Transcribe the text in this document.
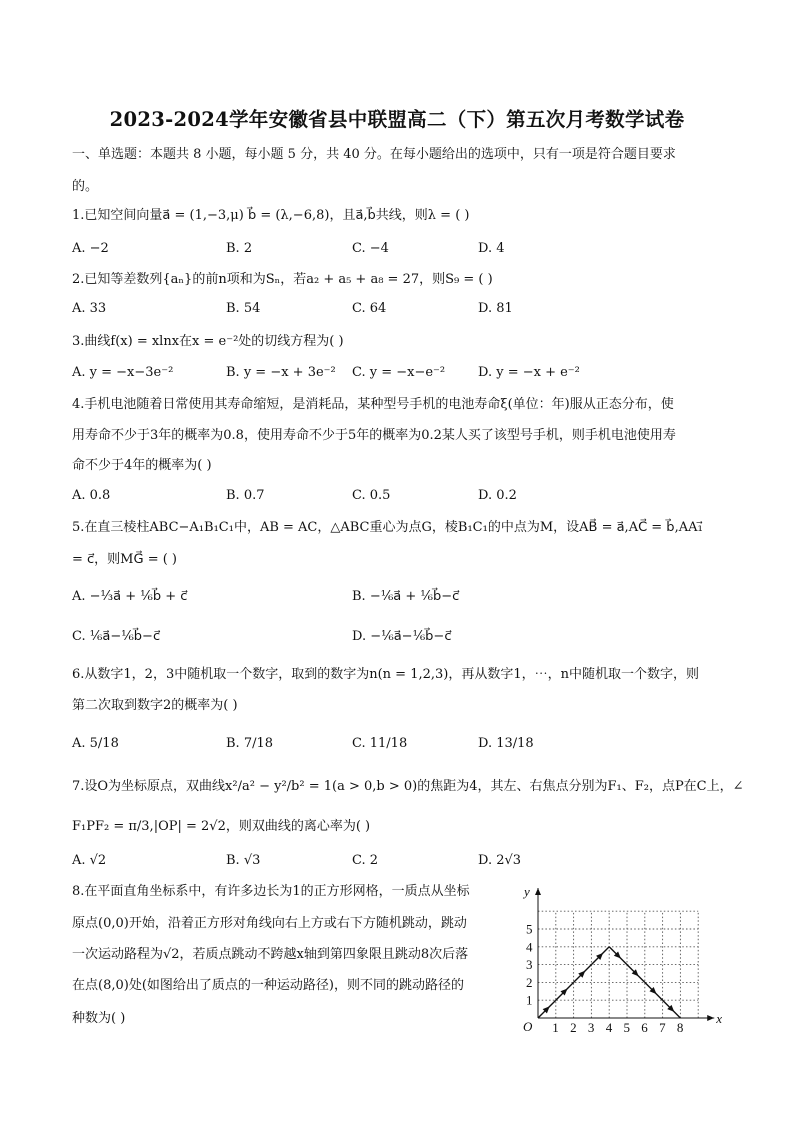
2023-2024学年安徽省县中联盟高二（下）第五次月考数学试卷
一、单选题：本题共 8 小题，每小题 5 分，共 40 分。在每小题给出的选项中，只有一项是符合题目要求
的。
1.已知空间向量a⃗ = (1,−3,μ) b⃗ = (λ,−6,8)，且a⃗,b⃗共线，则λ = ( )
A. −2	B. 2	C. −4	D. 4
2.已知等差数列{aₙ}的前n项和为Sₙ，若a₂ + a₅ + a₈ = 27，则S₉ = ( )
A. 33	B. 54	C. 64	D. 81
3.曲线f(x) = xlnx在x = e⁻²处的切线方程为( )
A. y = −x−3e⁻²	B. y = −x + 3e⁻² C. y = −x−e⁻²	D. y = −x + e⁻²
4.手机电池随着日常使用其寿命缩短，是消耗品，某种型号手机的电池寿命ξ(单位：年)服从正态分布，使
用寿命不少于3年的概率为0.8，使用寿命不少于5年的概率为0.2某人买了该型号手机，则手机电池使用寿
命不少于4年的概率为( )
A. 0.8	B. 0.7	C. 0.5	D. 0.2
5.在直三棱柱ABC−A₁B₁C₁中，AB = AC，△ABC重心为点G，棱B₁C₁的中点为M，设AB⃗ = a⃗,AC⃗ = b⃗,AA₁⃗
= c⃗，则MG⃗ = ( )
A. −⅓a⃗ + ⅙b⃗ + c⃗	B. −⅙a⃗ + ⅙b⃗−c⃗
C. ⅙a⃗−⅙b⃗−c⃗	D. −⅙a⃗−⅙b⃗−c⃗
6.从数字1，2，3中随机取一个数字，取到的数字为n(n = 1,2,3)，再从数字1，⋯，n中随机取一个数字，则
第二次取到数字2的概率为( )
A. 5/18	B. 7/18	C. 11/18	D. 13/18
7.设O为坐标原点，双曲线x²/a² − y²/b² = 1(a > 0,b > 0)的焦距为4，其左、右焦点分别为F₁、F₂，点P在C上，∠
F₁PF₂ = π/3,|OP| = 2√2，则双曲线的离心率为( )
A. √2	B. √3	C. 2	D. 2√3
8.在平面直角坐标系中，有许多边长为1的正方形网格，一质点从坐标
原点(0,0)开始，沿着正方形对角线向右上方或右下方随机跳动，跳动
一次运动路程为√2，若质点跳动不跨越x轴到第四象限且跳动8次后落
在点(8,0)处(如图给出了质点的一种运动路径)，则不同的跳动路径的
种数为( )
O
x
y
1 2 3 4 5 6 7 8
1
2
3
4
5
